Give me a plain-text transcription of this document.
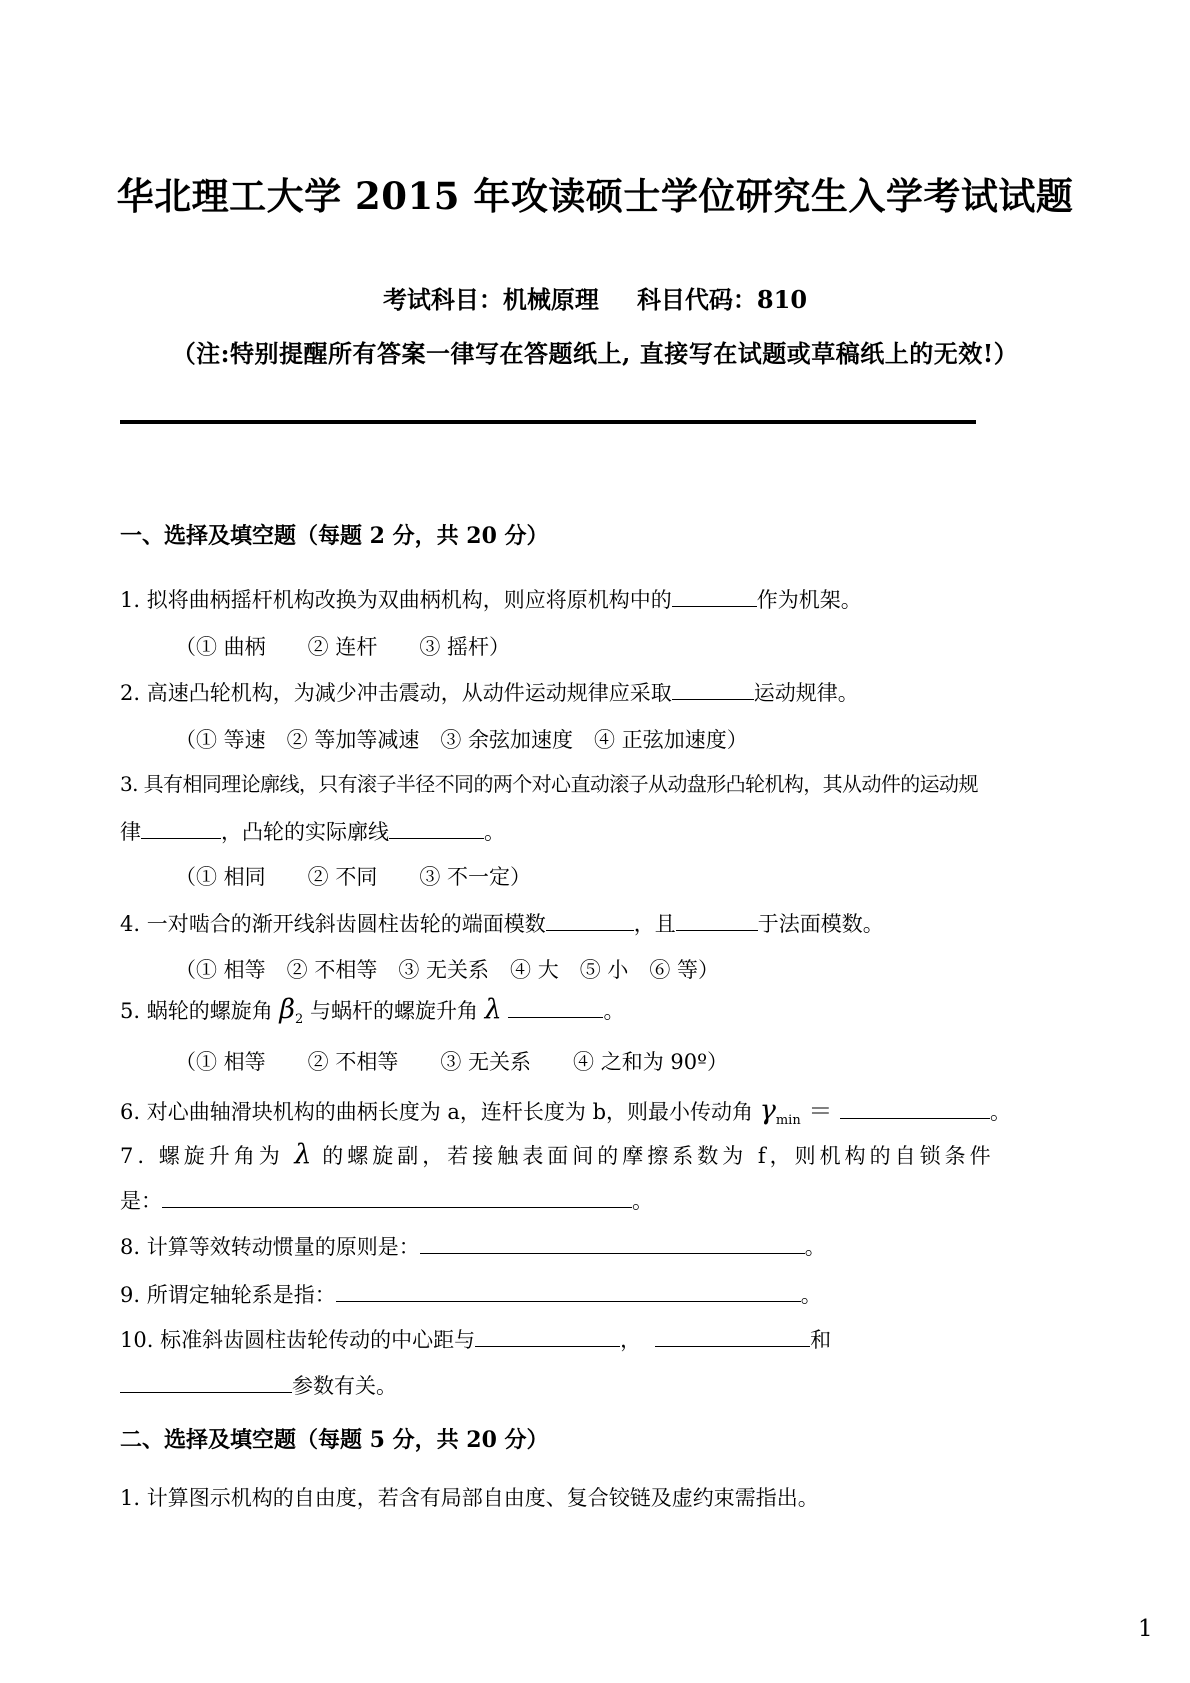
华北理工大学 2015 年攻读硕士学位研究生入学考试试题
考试科目：机械原理 科目代码：810
（注:特别提醒所有答案一律写在答题纸上, 直接写在试题或草稿纸上的无效!）
一、选择及填空题（每题 2 分，共 20 分）
1. 拟将曲柄摇杆机构改换为双曲柄机构，则应将原机构中的	作为机架。
（① 曲柄　　② 连杆　　③ 摇杆）
2. 高速凸轮机构，为减少冲击震动，从动件运动规律应采取	运动规律。
（① 等速　② 等加等减速　③ 余弦加速度　④ 正弦加速度）
3. 具有相同理论廓线，只有滚子半径不同的两个对心直动滚子从动盘形凸轮机构，其从动件的运动规
律	，凸轮的实际廓线	。
（① 相同　　② 不同　　③ 不一定）
4. 一对啮合的渐开线斜齿圆柱齿轮的端面模数	，且	于法面模数。
（① 相等　② 不相等　③ 无关系　④ 大　⑤ 小　⑥ 等）
5. 蜗轮的螺旋角 $\beta_2$ 与蜗杆的螺旋升角 λ	。
（① 相等　　② 不相等　　③ 无关系　　④ 之和为 90º）
6. 对心曲轴滑块机构的曲柄长度为 a，连杆长度为 b，则最小传动角 $\gamma_{min}$ ＝	。
7. 螺旋升角为 λ 的螺旋副，若接触表面间的摩擦系数为 f，则机构的自锁条件
是：	。
8. 计算等效转动惯量的原则是：	。
9. 所谓定轴轮系是指：	。
10. 标准斜齿圆柱齿轮传动的中心距与	，	和
参数有关。
二、选择及填空题（每题 5 分，共 20 分）
1. 计算图示机构的自由度，若含有局部自由度、复合铰链及虚约束需指出。
1
